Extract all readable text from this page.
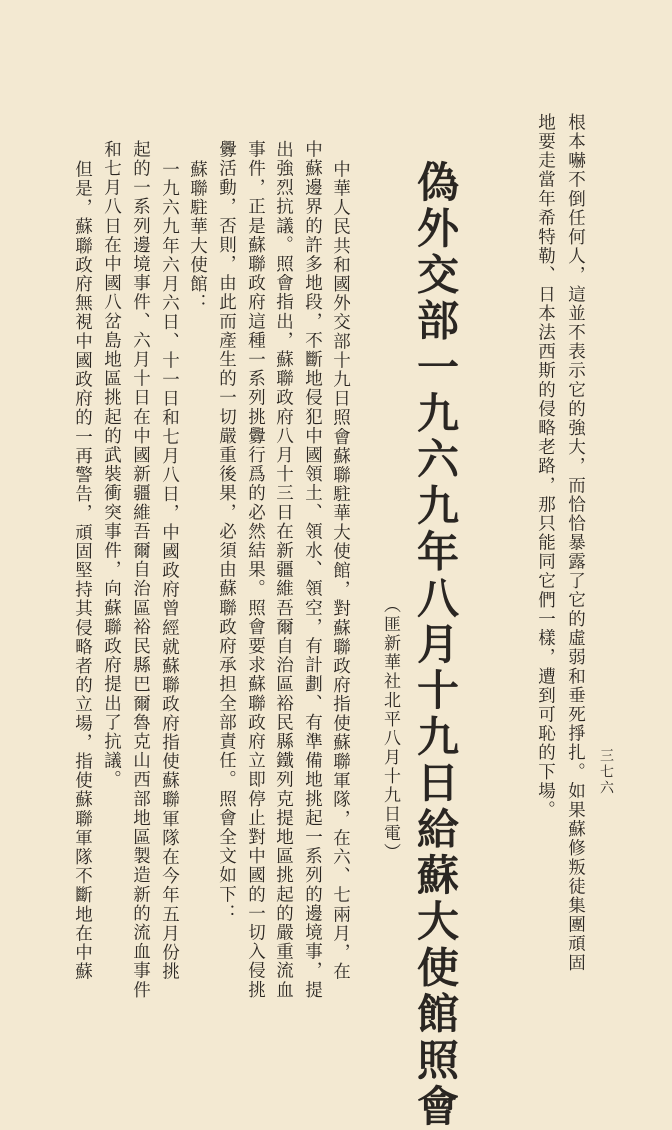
三七六
根本嚇不倒任何人，這並不表示它的強大，而恰恰暴露了它的虛弱和垂死掙扎。如果蘇修叛徒集團頑固
地要走當年希特勒、日本法西斯的侵略老路，那只能同它們一樣，遭到可恥的下場。
偽外交部一九六九年八月十九日給蘇大使館照會
（匪新華社北平八月十九日電）
中華人民共和國外交部十九日照會蘇聯駐華大使館，對蘇聯政府指使蘇聯軍隊，在六、七兩月，在
中蘇邊界的許多地段，不斷地侵犯中國領土、領水、領空，有計劃、有準備地挑起一系列的邊境事，提
出強烈抗議。照會指出，蘇聯政府八月十三日在新疆維吾爾自治區裕民縣鐵列克提地區挑起的嚴重流血
事件，正是蘇聯政府這種一系列挑釁行爲的必然結果。照會要求蘇聯政府立即停止對中國的一切入侵挑
釁活動，否則，由此而產生的一切嚴重後果，必須由蘇聯政府承担全部責任。照會全文如下：
蘇聯駐華大使館：
一九六九年六月六日、十一日和七月八日，中國政府曾經就蘇聯政府指使蘇聯軍隊在今年五月份挑
起的一系列邊境事件、六月十日在中國新疆維吾爾自治區裕民縣巴爾魯克山西部地區製造新的流血事件
和七月八日在中國八岔島地區挑起的武裝衝突事件，向蘇聯政府提出了抗議。
但是，蘇聯政府無視中國政府的一再警告，頑固堅持其侵略者的立場，指使蘇聯軍隊不斷地在中蘇
